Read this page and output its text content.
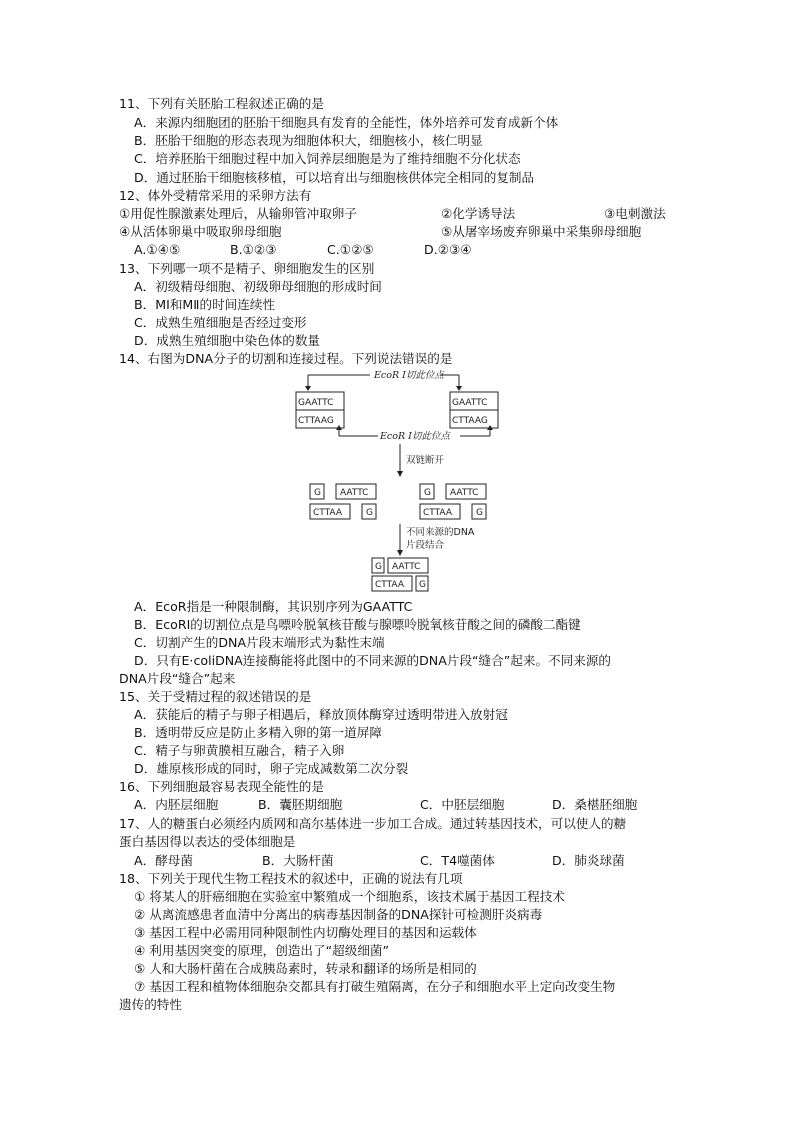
11、下列有关胚胎工程叙述正确的是
A．来源内细胞团的胚胎干细胞具有发育的全能性，体外培养可发育成新个体
B．胚胎干细胞的形态表现为细胞体积大，细胞核小，核仁明显
C．培养胚胎干细胞过程中加入饲养层细胞是为了维持细胞不分化状态
D．通过胚胎干细胞核移植，可以培育出与细胞核供体完全相同的复制品
12、体外受精常采用的采卵方法有
①用促性腺激素处理后，从输卵管冲取卵子	②化学诱导法	③电刺激法
④从活体卵巢中吸取卵母细胞	⑤从屠宰场废弃卵巢中采集卵母细胞
A.①④⑤	B.①②③	C.①②⑤	D.②③④
13、下列哪一项不是精子、卵细胞发生的区别
A．初级精母细胞、初级卵母细胞的形成时间
B．MⅠ和MⅡ的时间连续性
C．成熟生殖细胞是否经过变形
D．成熟生殖细胞中染色体的数量
14、右图为DNA分子的切割和连接过程。下列说法错误的是
EcoR Ⅰ切此位点
EcoR Ⅰ切此位点
双链断开
不同来源的DNA
片段结合
GAATTC
CTTAAG
GAATTC
CTTAAG
G AATTC
CTTAA	G
G AATTC
CTTAA	G
G AATTC
CTTAA G
A．EcoR指是一种限制酶，其识别序列为GAATTC
B．EcoRⅠ的切割位点是鸟嘌呤脱氧核苷酸与腺嘌呤脱氧核苷酸之间的磷酸二酯键
C．切割产生的DNA片段末端形式为黏性末端
D．只有E·coliDNA连接酶能将此图中的不同来源的DNA片段“缝合”起来。不同来源的
DNA片段“缝合”起来
15、关于受精过程的叙述错误的是
A．获能后的精子与卵子相遇后，释放顶体酶穿过透明带进入放射冠
B．透明带反应是防止多精入卵的第一道屏障
C．精子与卵黄膜相互融合，精子入卵
D．雄原核形成的同时，卵子完成减数第二次分裂
16、下列细胞最容易表现全能性的是
A．内胚层细胞	B．囊胚期细胞	C．中胚层细胞	D．桑椹胚细胞
17、人的糖蛋白必须经内质网和高尔基体进一步加工合成。通过转基因技术，可以使人的糖
蛋白基因得以表达的受体细胞是
A．酵母菌	B．大肠杆菌	C．T4噬菌体	D．肺炎球菌
18、下列关于现代生物工程技术的叙述中，正确的说法有几项
① 将某人的肝癌细胞在实验室中繁殖成一个细胞系，该技术属于基因工程技术
② 从离流感患者血清中分离出的病毒基因制备的DNA探针可检测肝炎病毒
③ 基因工程中必需用同种限制性内切酶处理目的基因和运载体
④ 利用基因突变的原理，创造出了“超级细菌”
⑤ 人和大肠杆菌在合成胰岛素时，转录和翻译的场所是相同的
⑦ 基因工程和植物体细胞杂交都具有打破生殖隔离，在分子和细胞水平上定向改变生物
遗传的特性
